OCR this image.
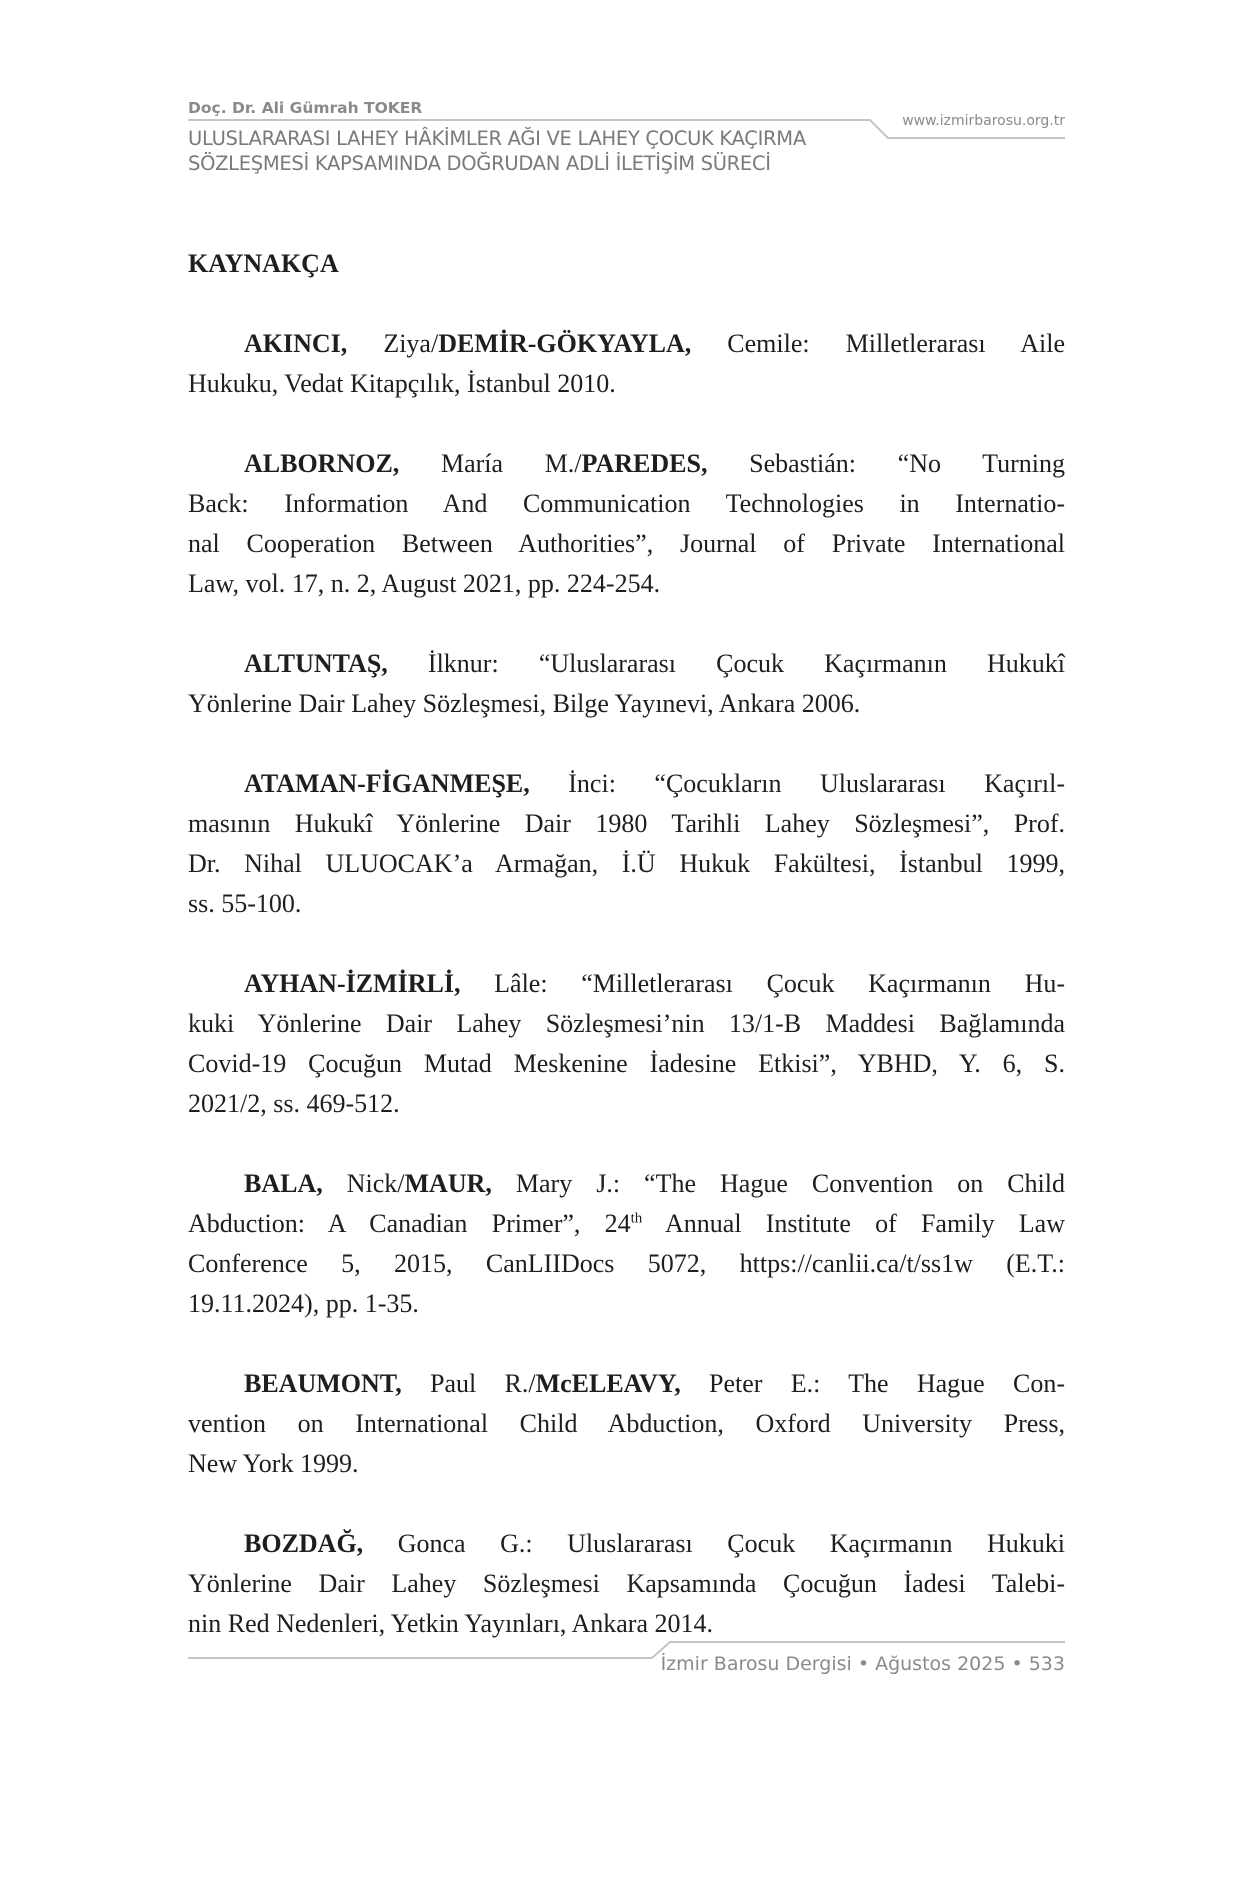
Doç. Dr. Ali Gümrah TOKER
www.izmirbarosu.org.tr
ULUSLARARASI LAHEY HÂKİMLER AĞI VE LAHEY ÇOCUK KAÇIRMA
SÖZLEŞMESİ KAPSAMINDA DOĞRUDAN ADLİ İLETİŞİM SÜRECİ
KAYNAKÇA
AKINCI, Ziya/DEMİR-GÖKYAYLA, Cemile: Milletlerarası Aile
Hukuku, Vedat Kitapçılık, İstanbul 2010.
ALBORNOZ, María M./PAREDES, Sebastián: “No Turning
Back: Information And Communication Technologies in Internatio-
nal Cooperation Between Authorities”, Journal of Private International
Law, vol. 17, n. 2, August 2021, pp. 224-254.
ALTUNTAŞ, İlknur: “Uluslararası Çocuk Kaçırmanın Hukukî
Yönlerine Dair Lahey Sözleşmesi, Bilge Yayınevi, Ankara 2006.
ATAMAN-FİGANMEŞE, İnci: “Çocukların Uluslararası Kaçırıl-
masının Hukukî Yönlerine Dair 1980 Tarihli Lahey Sözleşmesi”, Prof.
Dr. Nihal ULUOCAK’a Armağan, İ.Ü Hukuk Fakültesi, İstanbul 1999,
ss. 55-100.
AYHAN-İZMİRLİ, Lâle: “Milletlerarası Çocuk Kaçırmanın Hu-
kuki Yönlerine Dair Lahey Sözleşmesi’nin 13/1-B Maddesi Bağlamında
Covid-19 Çocuğun Mutad Meskenine İadesine Etkisi”, YBHD, Y. 6, S.
2021/2, ss. 469-512.
BALA, Nick/MAUR, Mary J.: “The Hague Convention on Child
Abduction: A Canadian Primer”, 24th Annual Institute of Family Law
Conference 5, 2015, CanLIIDocs 5072, https://canlii.ca/t/ss1w (E.T.:
19.11.2024), pp. 1-35.
BEAUMONT, Paul R./McELEAVY, Peter E.: The Hague Con-
vention on International Child Abduction, Oxford University Press,
New York 1999.
BOZDAĞ, Gonca G.: Uluslararası Çocuk Kaçırmanın Hukuki
Yönlerine Dair Lahey Sözleşmesi Kapsamında Çocuğun İadesi Talebi-
nin Red Nedenleri, Yetkin Yayınları, Ankara 2014.
İzmir Barosu Dergisi • Ağustos 2025 • 533
